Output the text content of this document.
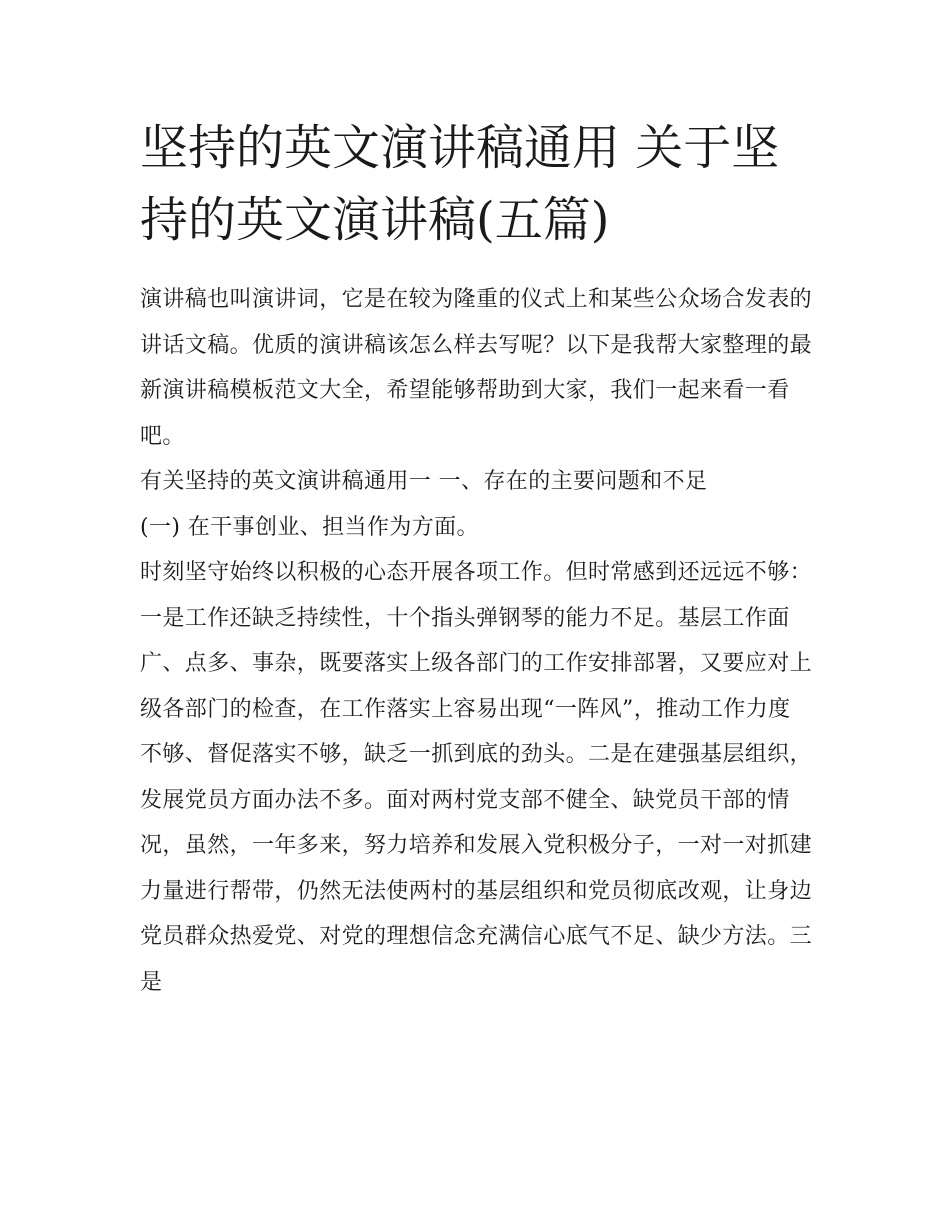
坚持的英文演讲稿通用 关于坚持的英文演讲稿(五篇)

演讲稿也叫演讲词，它是在较为隆重的仪式上和某些公众场合发表的讲话文稿。优质的演讲稿该怎么样去写呢？以下是我帮大家整理的最新演讲稿模板范文大全，希望能够帮助到大家，我们一起来看一看吧。

有关坚持的英文演讲稿通用一 一、存在的主要问题和不足

(一) 在干事创业、担当作为方面。

时刻坚守始终以积极的心态开展各项工作。但时常感到还远远不够：一是工作还缺乏持续性，十个指头弹钢琴的能力不足。基层工作面广、点多、事杂，既要落实上级各部门的工作安排部署，又要应对上级各部门的检查，在工作落实上容易出现“一阵风”，推动工作力度不够、督促落实不够，缺乏一抓到底的劲头。二是在建强基层组织，发展党员方面办法不多。面对两村党支部不健全、缺党员干部的情况，虽然，一年多来，努力培养和发展入党积极分子，一对一对抓建力量进行帮带，仍然无法使两村的基层组织和党员彻底改观，让身边党员群众热爱党、对党的理想信念充满信心底气不足、缺少方法。三是
